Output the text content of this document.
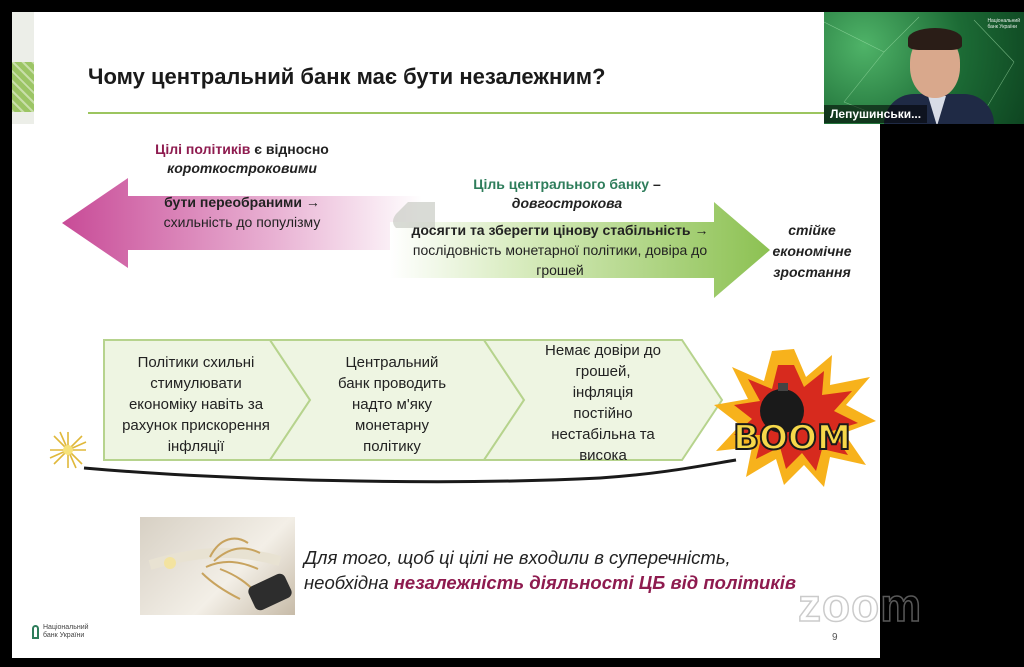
Чому центральний банк має бути незалежним?
Цілі політиків є відносно
короткостроковими
бути переобраними →
схильність до популізму
Ціль центрального банку –
довгострокова
досягти та зберегти цінову стабільність → послідовність монетарної політики, довіра до грошей
стійке
економічне
зростання
Політики схильні
стимулювати
економіку навіть за
рахунок прискорення
інфляції
Центральний
банк проводить
надто м'яку
монетарну
політику
Немає довіри до
грошей,
інфляція
постійно
нестабільна та
висока	BOOM
Для того, щоб ці цілі не входили в суперечність,
необхідна незалежність діяльності ЦБ від політиків
Національний
банк України	9
zoom
Національний
банк України
Лепушинськи...
